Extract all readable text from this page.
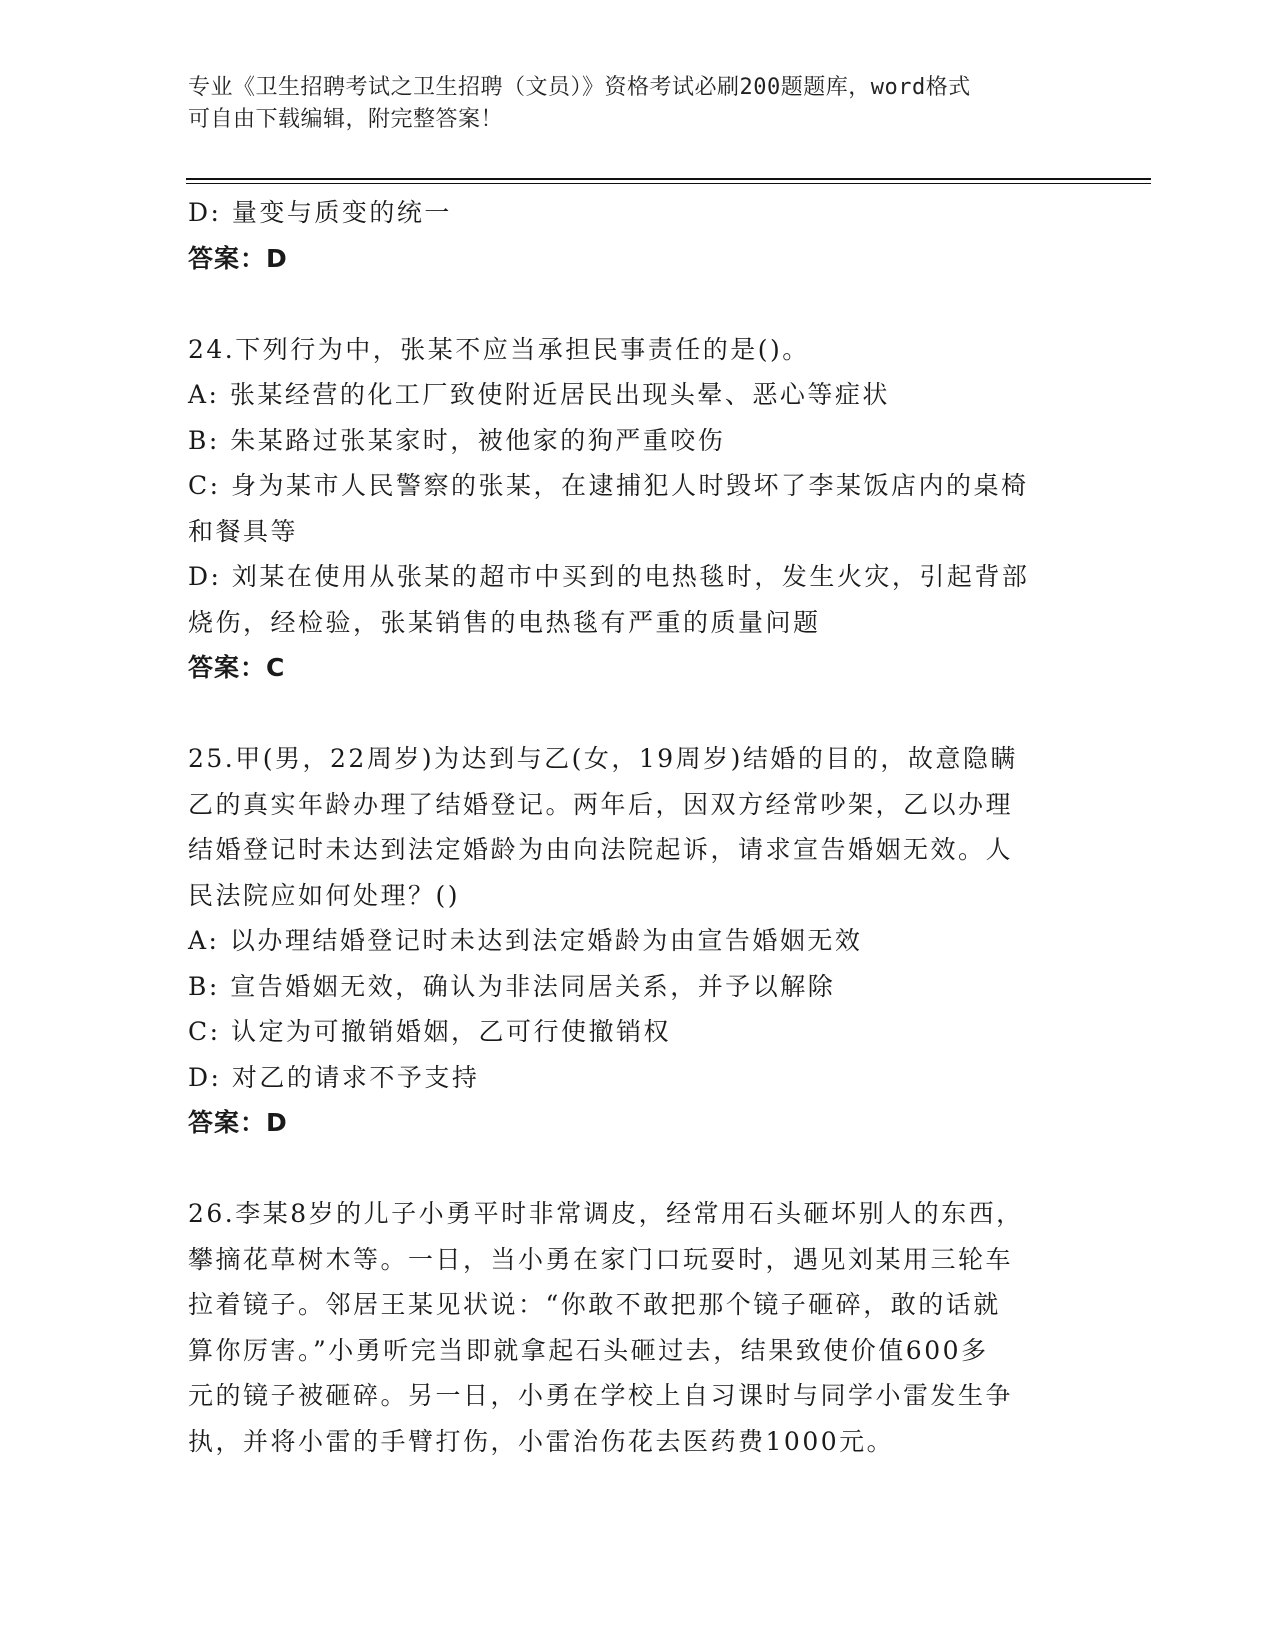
专业《卫生招聘考试之卫生招聘（文员）》资格考试必刷200题题库，word格式
可自由下载编辑，附完整答案！
D: 量变与质变的统一
答案：D
24.下列行为中，张某不应当承担民事责任的是()。
A: 张某经营的化工厂致使附近居民出现头晕、恶心等症状
B: 朱某路过张某家时，被他家的狗严重咬伤
C: 身为某市人民警察的张某，在逮捕犯人时毁坏了李某饭店内的桌椅
和餐具等
D: 刘某在使用从张某的超市中买到的电热毯时，发生火灾，引起背部
烧伤，经检验，张某销售的电热毯有严重的质量问题
答案：C
25.甲(男，22周岁)为达到与乙(女，19周岁)结婚的目的，故意隐瞒
乙的真实年龄办理了结婚登记。两年后，因双方经常吵架，乙以办理
结婚登记时未达到法定婚龄为由向法院起诉，请求宣告婚姻无效。人
民法院应如何处理？()
A: 以办理结婚登记时未达到法定婚龄为由宣告婚姻无效
B: 宣告婚姻无效，确认为非法同居关系，并予以解除
C: 认定为可撤销婚姻，乙可行使撤销权
D: 对乙的请求不予支持
答案：D
26.李某8岁的儿子小勇平时非常调皮，经常用石头砸坏别人的东西，
攀摘花草树木等。一日，当小勇在家门口玩耍时，遇见刘某用三轮车
拉着镜子。邻居王某见状说：“你敢不敢把那个镜子砸碎，敢的话就
算你厉害。”小勇听完当即就拿起石头砸过去，结果致使价值600多
元的镜子被砸碎。另一日，小勇在学校上自习课时与同学小雷发生争
执，并将小雷的手臂打伤，小雷治伤花去医药费1000元。
